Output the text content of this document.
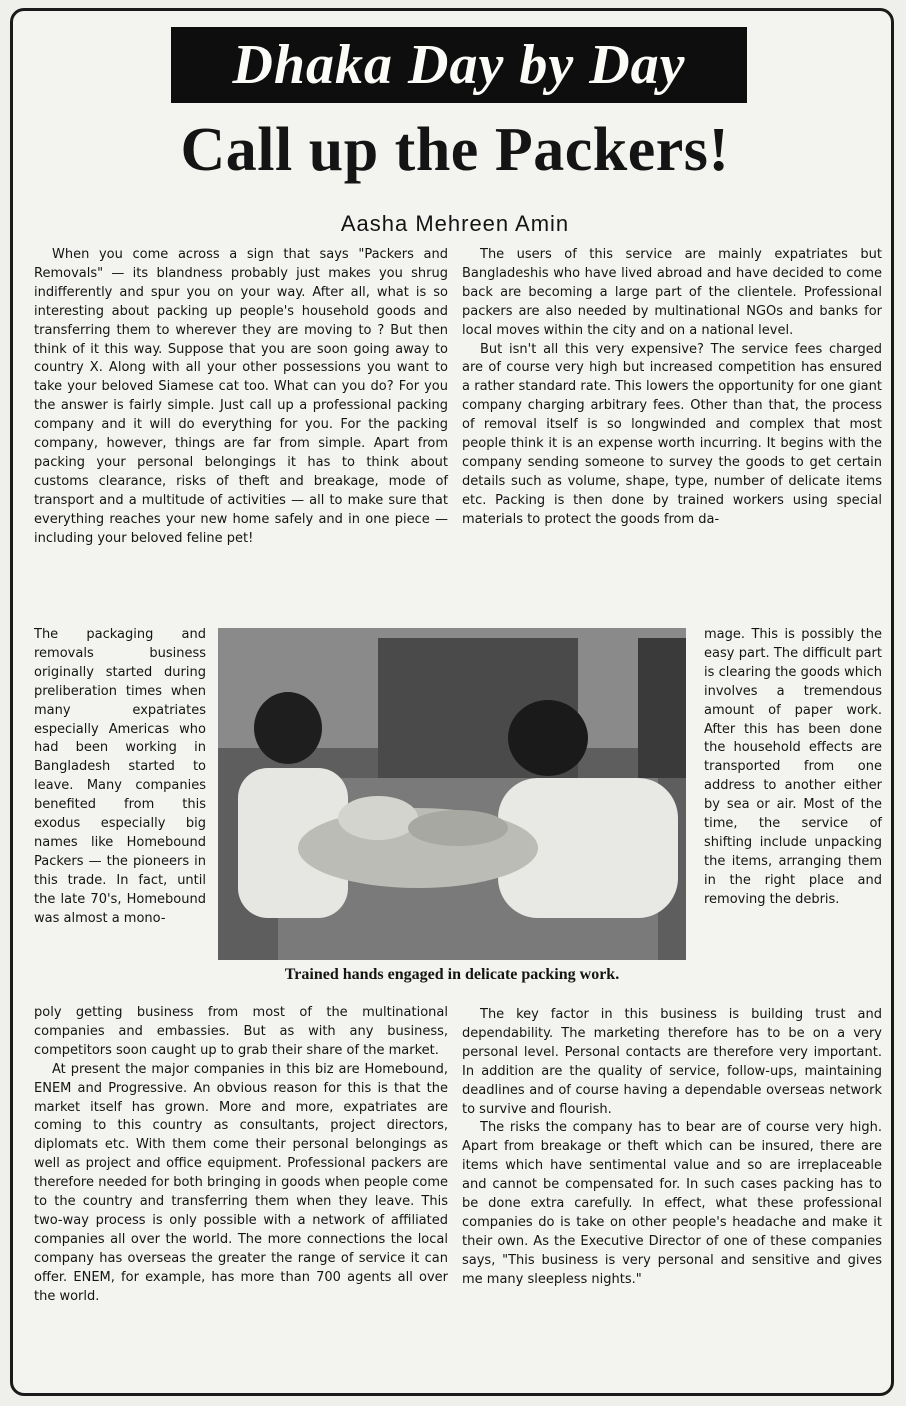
Dhaka Day by Day
Call up the Packers!
Aasha Mehreen Amin

When you come across a sign that says "Packers and Removals" — its blandness probably just makes you shrug indifferently and spur you on your way. After all, what is so interesting about packing up people's household goods and transferring them to wherever they are moving to ? But then think of it this way. Suppose that you are soon going away to country X. Along with all your other possessions you want to take your beloved Siamese cat too. What can you do? For you the answer is fairly simple. Just call up a professional packing company and it will do everything for you. For the packing company, however, things are far from simple. Apart from packing your personal belongings it has to think about customs clearance, risks of theft and breakage, mode of transport and a multitude of activities — all to make sure that everything reaches your new home safely and in one piece — including your beloved feline pet!

The packaging and removals business originally started during preliberation times when many expatriates especially Americas who had been working in Bangladesh started to leave. Many companies benefited from this exodus especially big names like Homebound Packers — the pioneers in this trade. In fact, until the late 70's, Homebound was almost a mono-

poly getting business from most of the multinational companies and embassies. But as with any business, competitors soon caught up to grab their share of the market.

At present the major companies in this biz are Homebound, ENEM and Progressive. An obvious reason for this is that the market itself has grown. More and more, expatriates are coming to this country as consultants, project directors, diplomats etc. With them come their personal belongings as well as project and office equipment. Professional packers are therefore needed for both bringing in goods when people come to the country and transferring them when they leave. This two-way process is only possible with a network of affiliated companies all over the world. The more connections the local company has overseas the greater the range of service it can offer. ENEM, for example, has more than 700 agents all over the world.

The users of this service are mainly expatriates but Bangladeshis who have lived abroad and have decided to come back are becoming a large part of the clientele. Professional packers are also needed by multinational NGOs and banks for local moves within the city and on a national level.

But isn't all this very expensive? The service fees charged are of course very high but increased competition has ensured a rather standard rate. This lowers the opportunity for one giant company charging arbitrary fees. Other than that, the process of removal itself is so longwinded and complex that most people think it is an expense worth incurring. It begins with the company sending someone to survey the goods to get certain details such as volume, shape, type, number of delicate items etc. Packing is then done by trained workers using special materials to protect the goods from da-

mage. This is possibly the easy part. The difficult part is clearing the goods which involves a tremendous amount of paper work. After this has been done the household effects are transported from one address to another either by sea or air. Most of the time, the service of shifting include unpacking the items, arranging them in the right place and removing the debris.

The key factor in this business is building trust and dependability. The marketing therefore has to be on a very personal level. Personal contacts are therefore very important. In addition are the quality of service, follow-ups, maintaining deadlines and of course having a dependable overseas network to survive and flourish.

The risks the company has to bear are of course very high. Apart from breakage or theft which can be insured, there are items which have sentimental value and so are irreplaceable and cannot be compensated for. In such cases packing has to be done extra carefully. In effect, what these professional companies do is take on other people's headache and make it their own. As the Executive Director of one of these companies says, "This business is very personal and sensitive and gives me many sleepless nights."

Trained hands engaged in delicate packing work.
